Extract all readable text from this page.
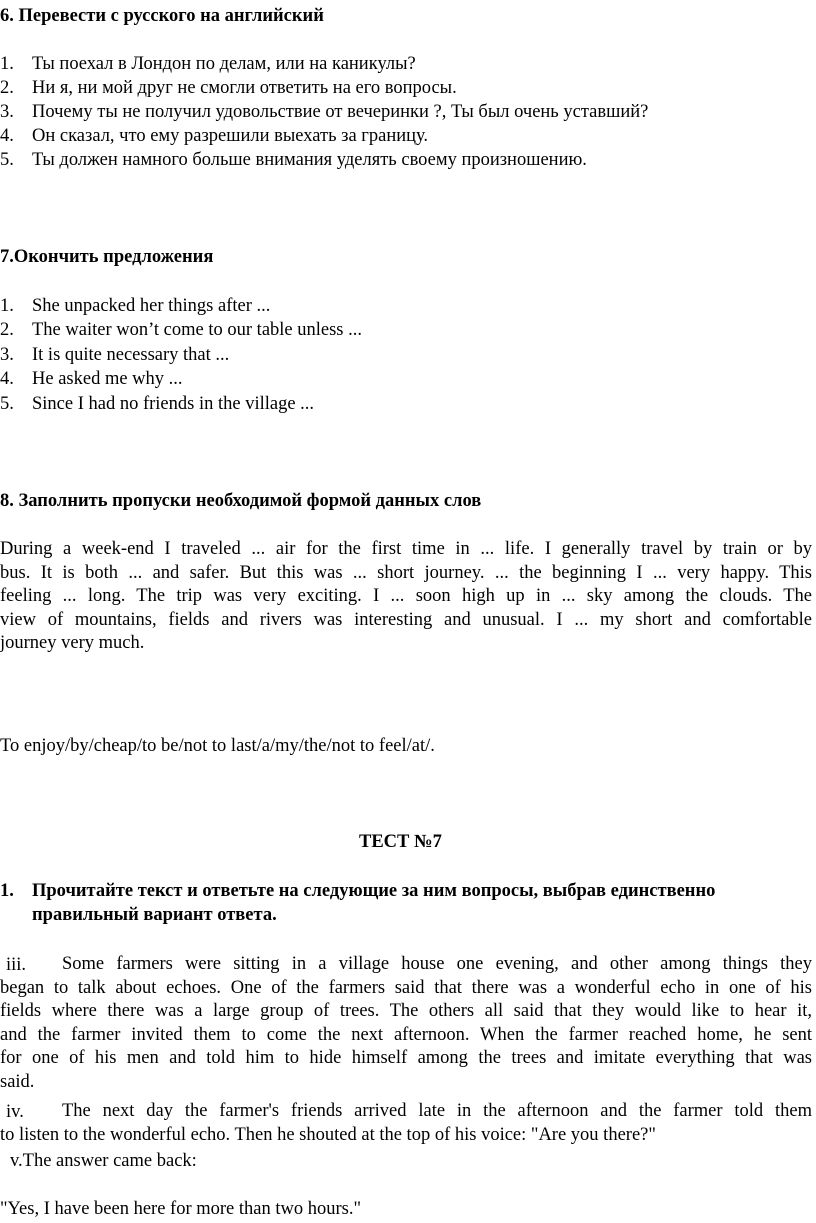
6. Перевести с русского на английский
1. Ты поехал в Лондон по делам, или на каникулы?
2. Ни я, ни мой друг не смогли ответить на его вопросы.
3. Почему ты не получил удовольствие от вечеринки ?, Ты был очень уставший?
4. Он сказал, что ему разрешили выехать за границу.
5. Ты должен намного больше внимания уделять своему произношению.
7.Окончить предложения
1. She unpacked her things after ...
2. The waiter won’t come to our table unless ...
3. It is quite necessary that ...
4. He asked me why ...
5. Since I had no friends in the village ...
8. Заполнить пропуски необходимой формой данных слов
During a week-end I traveled ... air for the first time in ... life. I generally travel by train or by
bus. It is both ... and safer. But this was ... short journey. ... the beginning I ... very happy. This
feeling ... long. The trip was very exciting. I ... soon high up in ... sky among the clouds. The
view of mountains, fields and rivers was interesting and unusual. I ... my short and comfortable
journey very much.
To enjoy/by/cheap/to be/not to last/a/my/the/not to feel/at/.
ТЕСТ №7
1. Прочитайте текст и ответьте на следующие за ним вопросы, выбрав единственно
правильный вариант ответа.
iii.	Some farmers were sitting in a village house one evening, and other among things they
began to talk about echoes. One of the farmers said that there was a wonderful echo in one of his
fields where there was a large group of trees. The others all said that they would like to hear it,
and the farmer invited them to come the next afternoon. When the farmer reached home, he sent
for one of his men and told him to hide himself among the trees and imitate everything that was
said.
iv.	The next day the farmer's friends arrived late in the afternoon and the farmer told them
to listen to the wonderful echo. Then he shouted at the top of his voice: "Are you there?"
v.The answer came back:
"Yes, I have been here for more than two hours."
